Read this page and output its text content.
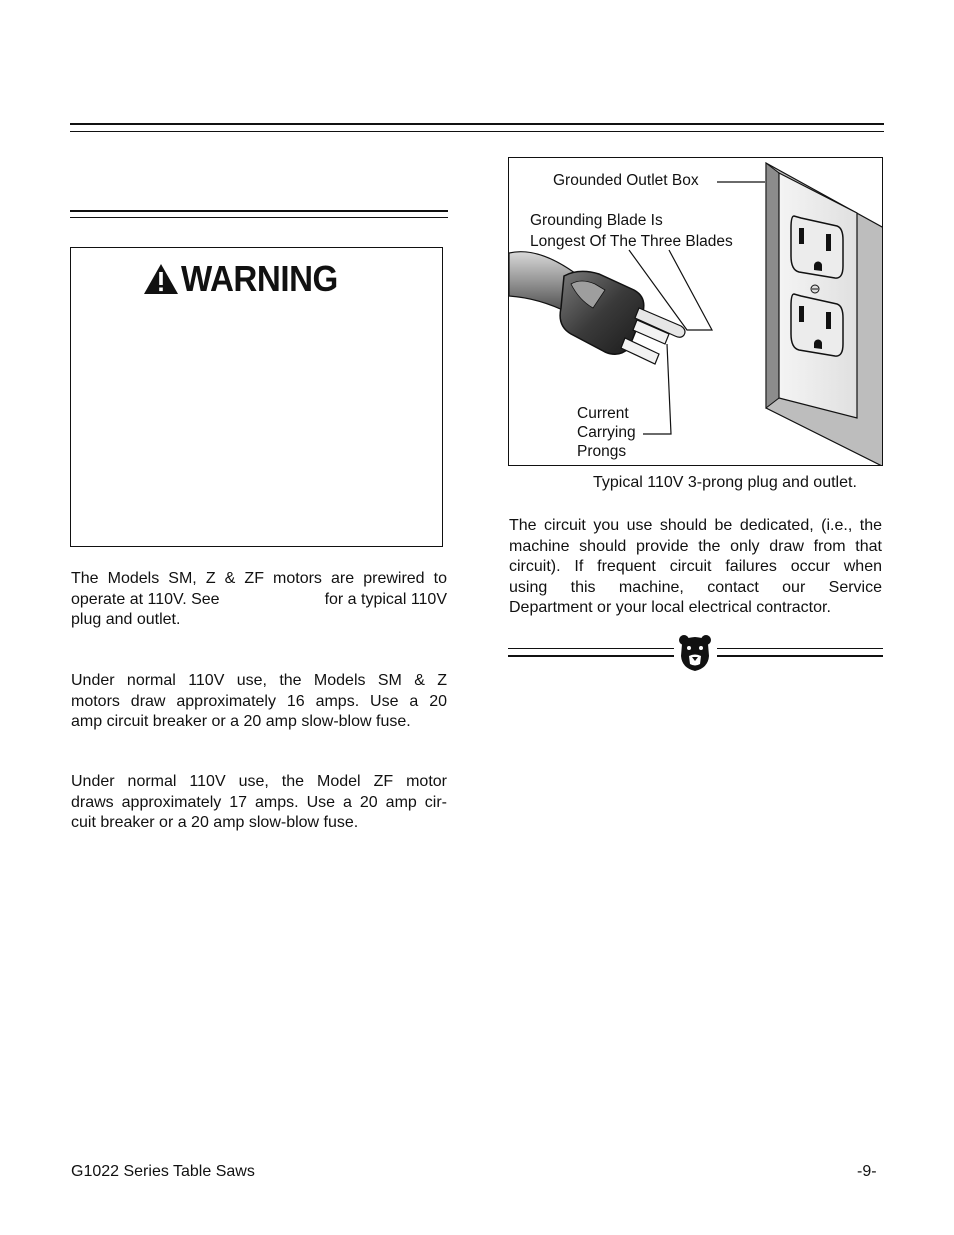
WARNING
The Models SM, Z & ZF motors are prewired to
operate at 110V. See	for a typical 110V
plug and outlet.
Under normal 110V use, the Models SM & Z
motors draw approximately 16 amps. Use a 20
amp circuit breaker or a 20 amp slow-blow fuse.
Under normal 110V use, the Model ZF motor
draws approximately 17 amps. Use a 20 amp cir-
cuit breaker or a 20 amp slow-blow fuse.
Grounded Outlet Box
Grounding Blade Is
Longest Of The Three Blades
Current
Carrying
Prongs
Typical 110V 3-prong plug and outlet.
The circuit you use should be dedicated, (i.e., the
machine should provide the only draw from that
circuit). If frequent circuit failures occur when
using this machine, contact our Service
Department or your local electrical contractor.
G1022 Series Table Saws	-9-
